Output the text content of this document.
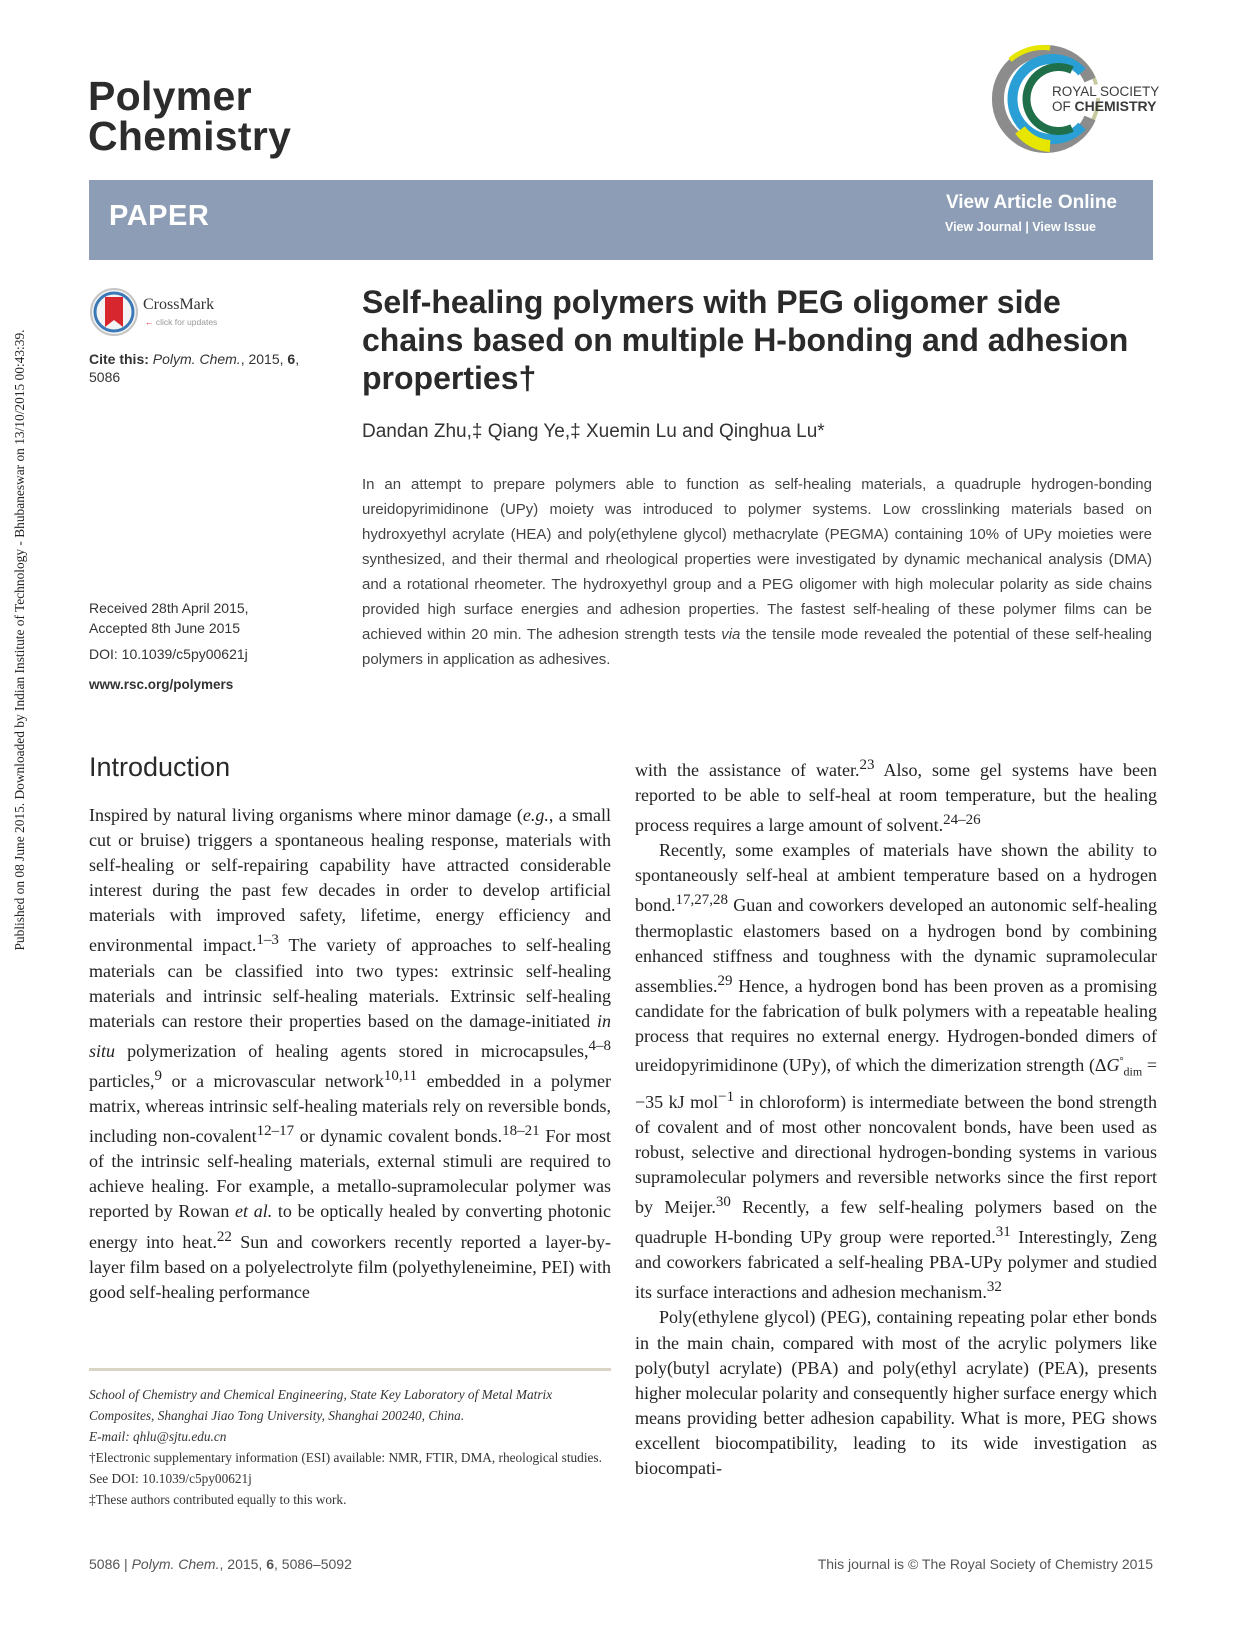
Published on 08 June 2015. Downloaded by Indian Institute of Technology - Bhubaneswar on 13/10/2015 00:43:39.
Polymer
Chemistry
ROYAL SOCIETY
OF CHEMISTRY
PAPER	View Article Online
View Journal | View Issue
CrossMark
← click for updates
Cite this: Polym. Chem., 2015, 6,
5086
Received 28th April 2015,
Accepted 8th June 2015
DOI: 10.1039/c5py00621j
www.rsc.org/polymers
Self-healing polymers with PEG oligomer side chains based on multiple H-bonding and adhesion properties†
Dandan Zhu,‡ Qiang Ye,‡ Xuemin Lu and Qinghua Lu*
In an attempt to prepare polymers able to function as self-healing materials, a quadruple hydrogen-bonding ureidopyrimidinone (UPy) moiety was introduced to polymer systems. Low crosslinking materials based on hydroxyethyl acrylate (HEA) and poly(ethylene glycol) methacrylate (PEGMA) containing 10% of UPy moieties were synthesized, and their thermal and rheological properties were investigated by dynamic mechanical analysis (DMA) and a rotational rheometer. The hydroxyethyl group and a PEG oligomer with high molecular polarity as side chains provided high surface energies and adhesion properties. The fastest self-healing of these polymer films can be achieved within 20 min. The adhesion strength tests via the tensile mode revealed the potential of these self-healing polymers in application as adhesives.
Introduction

Inspired by natural living organisms where minor damage (e.g., a small cut or bruise) triggers a spontaneous healing response, materials with self-healing or self-repairing capability have attracted considerable interest during the past few decades in order to develop artificial materials with improved safety, lifetime, energy efficiency and environmental impact.$^{1-3}$ The variety of approaches to self-healing materials can be classified into two types: extrinsic self-healing materials and intrinsic self-healing materials. Extrinsic self-healing materials can restore their properties based on the damage-initiated in situ polymerization of healing agents stored in microcapsules,$^{4-8}$ particles,$^9$ or a microvascular network$^{10,11}$ embedded in a polymer matrix, whereas intrinsic self-healing materials rely on reversible bonds, including non-covalent$^{12-17}$ or dynamic covalent bonds.$^{18-21}$ For most of the intrinsic self-healing materials, external stimuli are required to achieve healing. For example, a metallo-supramolecular polymer was reported by Rowan et al. to be optically healed by converting photonic energy into heat.$^{22}$ Sun and coworkers recently reported a layer-by-layer film based on a polyelectrolyte film (polyethyleneimine, PEI) with good self-healing performance

School of Chemistry and Chemical Engineering, State Key Laboratory of Metal Matrix Composites, Shanghai Jiao Tong University, Shanghai 200240, China.

E-mail: qhlu@sjtu.edu.cn

†Electronic supplementary information (ESI) available: NMR, FTIR, DMA, rheological studies. See DOI: 10.1039/c5py00621j

‡These authors contributed equally to this work.

with the assistance of water.$^{23}$ Also, some gel systems have been reported to be able to self-heal at room temperature, but the healing process requires a large amount of solvent.$^{24-26}$

Recently, some examples of materials have shown the ability to spontaneously self-heal at ambient temperature based on a hydrogen bond.$^{17,27,28}$ Guan and coworkers developed an autonomic self-healing thermoplastic elastomers based on a hydrogen bond by combining enhanced stiffness and toughness with the dynamic supramolecular assemblies.$^{29}$ Hence, a hydrogen bond has been proven as a promising candidate for the fabrication of bulk polymers with a repeatable healing process that requires no external energy. Hydrogen-bonded dimers of ureidopyrimidinone (UPy), of which the dimerization strength ($\Delta G^\circ_{dim} = -35$ kJ mol$^{-1}$ in chloroform) is intermediate between the bond strength of covalent and of most other noncovalent bonds, have been used as robust, selective and directional hydrogen-bonding systems in various supramolecular polymers and reversible networks since the first report by Meijer.$^{30}$ Recently, a few self-healing polymers based on the quadruple H-bonding UPy group were reported.$^{31}$ Interestingly, Zeng and coworkers fabricated a self-healing PBA-UPy polymer and studied its surface interactions and adhesion mechanism.$^{32}$

Poly(ethylene glycol) (PEG), containing repeating polar ether bonds in the main chain, compared with most of the acrylic polymers like poly(butyl acrylate) (PBA) and poly(ethyl acrylate) (PEA), presents higher molecular polarity and consequently higher surface energy which means providing better adhesion capability. What is more, PEG shows excellent biocompatibility, leading to its wide investigation as biocompati-

5086 | Polym. Chem., 2015, 6, 5086–5092	This journal is © The Royal Society of Chemistry 2015
